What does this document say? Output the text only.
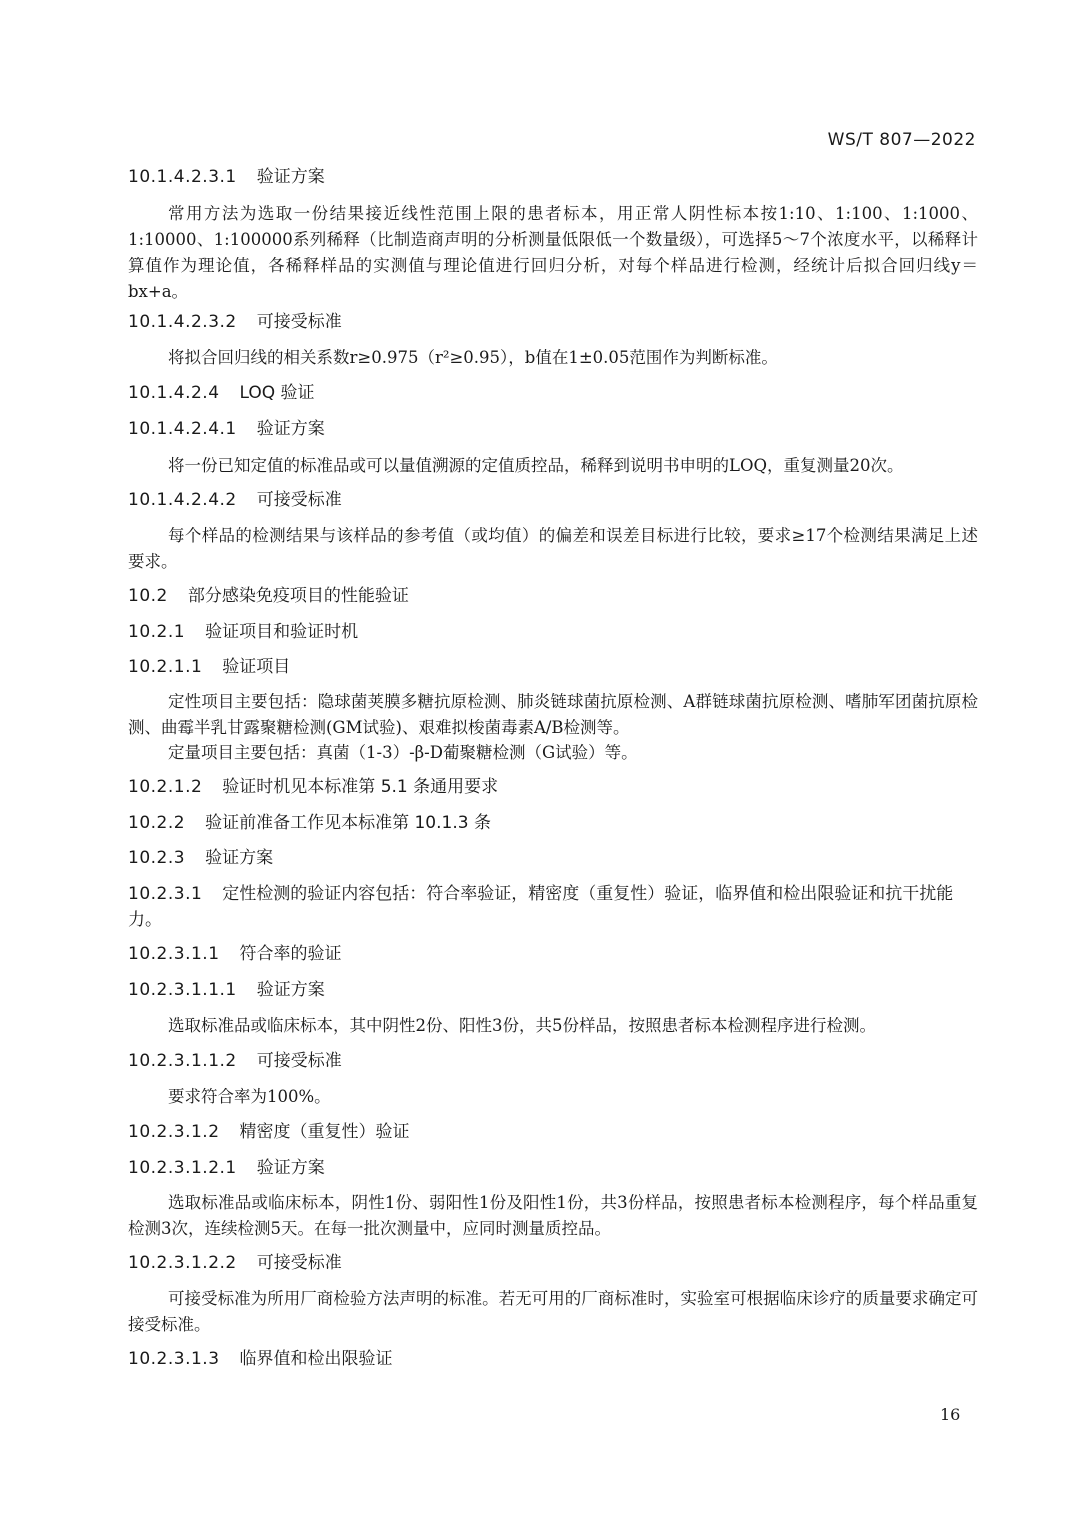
WS/T 807—2022
10.1.4.2.3.1 验证方案
常用方法为选取一份结果接近线性范围上限的患者标本，用正常人阴性标本按1:10、1:100、1:1000、1:10000、1:100000系列稀释（比制造商声明的分析测量低限低一个数量级），可选择5～7个浓度水平，以稀释计算值作为理论值，各稀释样品的实测值与理论值进行回归分析，对每个样品进行检测，经统计后拟合回归线y＝bx+a。
10.1.4.2.3.2 可接受标准
将拟合回归线的相关系数r≥0.975（r²≥0.95），b值在1±0.05范围作为判断标准。
10.1.4.2.4 LOQ 验证
10.1.4.2.4.1 验证方案
将一份已知定值的标准品或可以量值溯源的定值质控品，稀释到说明书申明的LOQ，重复测量20次。
10.1.4.2.4.2 可接受标准
每个样品的检测结果与该样品的参考值（或均值）的偏差和误差目标进行比较，要求≥17个检测结果满足上述要求。
10.2 部分感染免疫项目的性能验证
10.2.1 验证项目和验证时机
10.2.1.1 验证项目
定性项目主要包括：隐球菌荚膜多糖抗原检测、肺炎链球菌抗原检测、A群链球菌抗原检测、嗜肺军团菌抗原检测、曲霉半乳甘露聚糖检测(GM试验)、艰难拟梭菌毒素A/B检测等。
定量项目主要包括：真菌（1-3）-β-D葡聚糖检测（G试验）等。
10.2.1.2 验证时机见本标准第 5.1 条通用要求
10.2.2 验证前准备工作见本标准第 10.1.3 条
10.2.3 验证方案
10.2.3.1 定性检测的验证内容包括：符合率验证，精密度（重复性）验证，临界值和检出限验证和抗干扰能力。
10.2.3.1.1 符合率的验证
10.2.3.1.1.1 验证方案
选取标准品或临床标本，其中阴性2份、阳性3份，共5份样品，按照患者标本检测程序进行检测。
10.2.3.1.1.2 可接受标准
要求符合率为100%。
10.2.3.1.2 精密度（重复性）验证
10.2.3.1.2.1 验证方案
选取标准品或临床标本，阴性1份、弱阳性1份及阳性1份，共3份样品，按照患者标本检测程序，每个样品重复检测3次，连续检测5天。在每一批次测量中，应同时测量质控品。
10.2.3.1.2.2 可接受标准
可接受标准为所用厂商检验方法声明的标准。若无可用的厂商标准时，实验室可根据临床诊疗的质量要求确定可接受标准。
10.2.3.1.3 临界值和检出限验证
16
